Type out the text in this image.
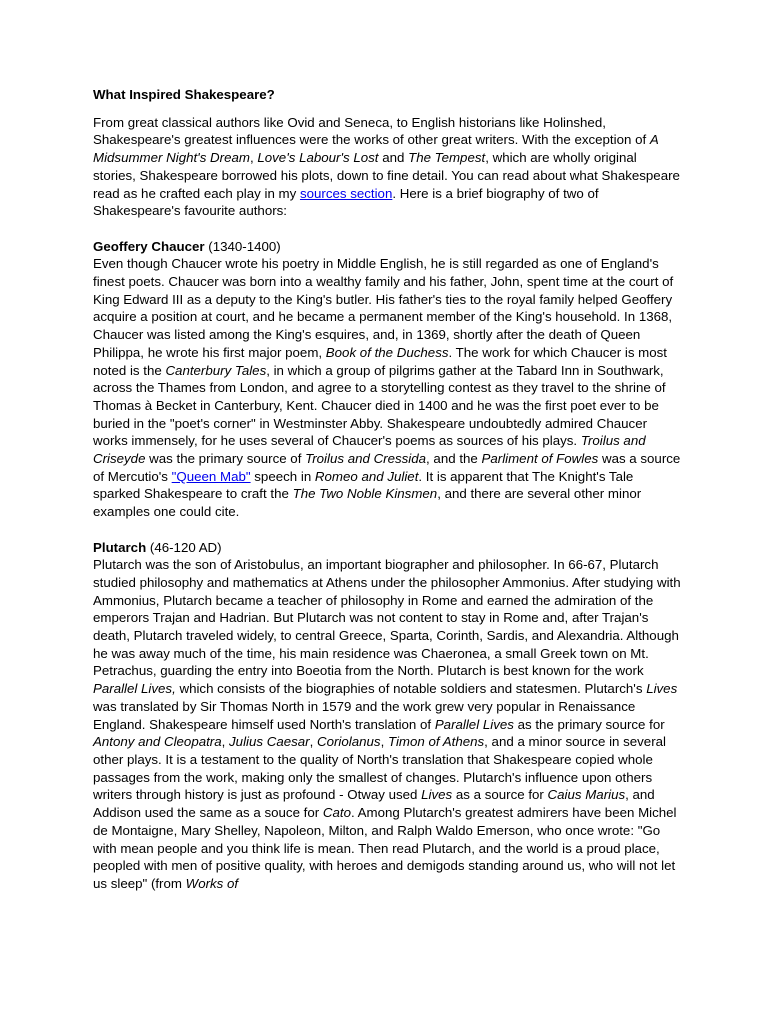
What Inspired Shakespeare?
From great classical authors like Ovid and Seneca, to English historians like Holinshed, Shakespeare's greatest influences were the works of other great writers. With the exception of A Midsummer Night's Dream, Love's Labour's Lost and The Tempest, which are wholly original stories, Shakespeare borrowed his plots, down to fine detail. You can read about what Shakespeare read as he crafted each play in my sources section. Here is a brief biography of two of Shakespeare's favourite authors:
Geoffery Chaucer (1340-1400)
Even though Chaucer wrote his poetry in Middle English, he is still regarded as one of England's finest poets. Chaucer was born into a wealthy family and his father, John, spent time at the court of King Edward III as a deputy to the King's butler. His father's ties to the royal family helped Geoffery acquire a position at court, and he became a permanent member of the King's household. In 1368, Chaucer was listed among the King's esquires, and, in 1369, shortly after the death of Queen Philippa, he wrote his first major poem, Book of the Duchess. The work for which Chaucer is most noted is the Canterbury Tales, in which a group of pilgrims gather at the Tabard Inn in Southwark, across the Thames from London, and agree to a storytelling contest as they travel to the shrine of Thomas à Becket in Canterbury, Kent. Chaucer died in 1400 and he was the first poet ever to be buried in the "poet's corner" in Westminster Abby. Shakespeare undoubtedly admired Chaucer works immensely, for he uses several of Chaucer's poems as sources of his plays. Troilus and Criseyde was the primary source of Troilus and Cressida, and the Parliment of Fowles was a source of Mercutio's "Queen Mab" speech in Romeo and Juliet. It is apparent that The Knight's Tale sparked Shakespeare to craft the The Two Noble Kinsmen, and there are several other minor examples one could cite.
Plutarch (46-120 AD)
Plutarch was the son of Aristobulus, an important biographer and philosopher. In 66-67, Plutarch studied philosophy and mathematics at Athens under the philosopher Ammonius. After studying with Ammonius, Plutarch became a teacher of philosophy in Rome and earned the admiration of the emperors Trajan and Hadrian. But Plutarch was not content to stay in Rome and, after Trajan's death, Plutarch traveled widely, to central Greece, Sparta, Corinth, Sardis, and Alexandria. Although he was away much of the time, his main residence was Chaeronea, a small Greek town on Mt. Petrachus, guarding the entry into Boeotia from the North. Plutarch is best known for the work Parallel Lives, which consists of the biographies of notable soldiers and statesmen. Plutarch's Lives was translated by Sir Thomas North in 1579 and the work grew very popular in Renaissance England. Shakespeare himself used North's translation of Parallel Lives as the primary source for Antony and Cleopatra, Julius Caesar, Coriolanus, Timon of Athens, and a minor source in several other plays. It is a testament to the quality of North's translation that Shakespeare copied whole passages from the work, making only the smallest of changes. Plutarch's influence upon others writers through history is just as profound - Otway used Lives as a source for Caius Marius, and Addison used the same as a souce for Cato. Among Plutarch's greatest admirers have been Michel de Montaigne, Mary Shelley, Napoleon, Milton, and Ralph Waldo Emerson, who once wrote: "Go with mean people and you think life is mean. Then read Plutarch, and the world is a proud place, peopled with men of positive quality, with heroes and demigods standing around us, who will not let us sleep" (from Works of
